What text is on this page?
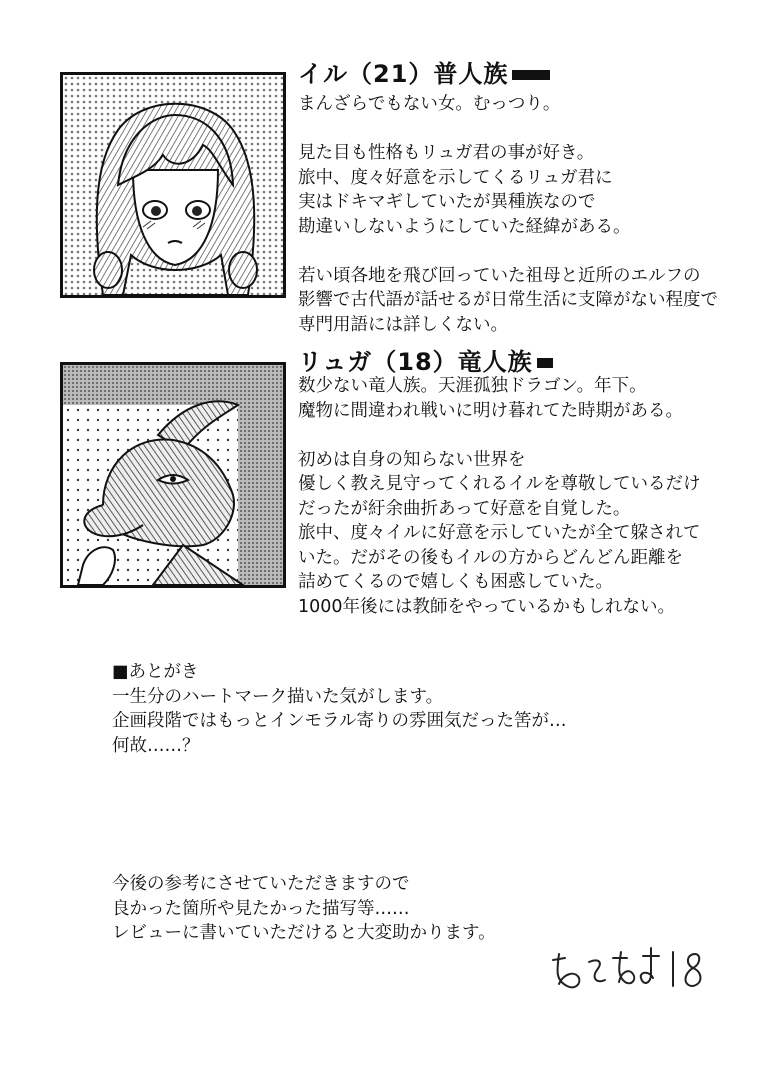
イル（21）普人族
まんざらでもない女。むっつり。
見た目も性格もリュガ君の事が好き。
旅中、度々好意を示してくるリュガ君に
実はドキマギしていたが異種族なので
勘違いしないようにしていた経緯がある。
若い頃各地を飛び回っていた祖母と近所のエルフの
影響で古代語が話せるが日常生活に支障がない程度で
専門用語には詳しくない。
リュガ（18）竜人族
数少ない竜人族。天涯孤独ドラゴン。年下。
魔物に間違われ戦いに明け暮れてた時期がある。
初めは自身の知らない世界を
優しく教え見守ってくれるイルを尊敬しているだけ
だったが紆余曲折あって好意を自覚した。
旅中、度々イルに好意を示していたが全て躱されて
いた。だがその後もイルの方からどんどん距離を
詰めてくるので嬉しくも困惑していた。
1000年後には教師をやっているかもしれない。
■あとがき
一生分のハートマーク描いた気がします。
企画段階ではもっとインモラル寄りの雰囲気だった筈が…
何故……？
今後の参考にさせていただきますので
良かった箇所や見たかった描写等……
レビューに書いていただけると大変助かります。
